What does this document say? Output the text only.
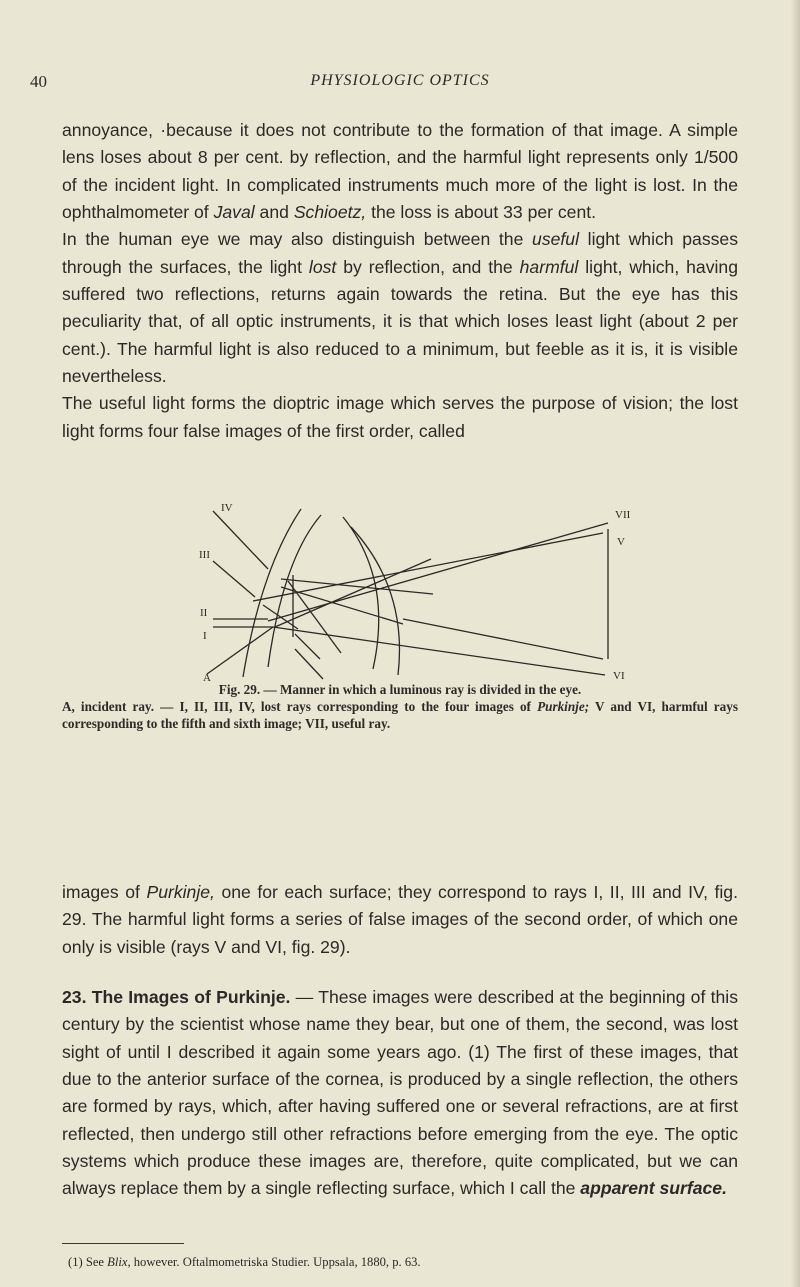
40	PHYSIOLOGIC OPTICS

annoyance, ·because it does not contribute to the formation of that image. A simple lens loses about 8 per cent. by reflection, and the harmful light represents only 1/500 of the incident light. In complicated instruments much more of the light is lost. In the ophthalmometer of Javal and Schioetz, the loss is about 33 per cent.

In the human eye we may also distinguish between the useful light which passes through the surfaces, the light lost by reflection, and the harmful light, which, having suffered two reflections, returns again towards the retina. But the eye has this peculiarity that, of all optic instruments, it is that which loses least light (about 2 per cent.). The harmful light is also reduced to a minimum, but feeble as it is, it is visible nevertheless.

The useful light forms the dioptric image which serves the purpose of vision; the lost light forms four false images of the first order, called

IV
III
II
I
A
VII
V
VI
Fig. 29. — Manner in which a luminous ray is divided in the eye.
A, incident ray. — I, II, III, IV, lost rays corresponding to the four images of Purkinje; V and VI, harmful rays corresponding to the fifth and sixth image; VII, useful ray.

images of Purkinje, one for each surface; they correspond to rays I, II, III and IV, fig. 29. The harmful light forms a series of false images of the second order, of which one only is visible (rays V and VI, fig. 29).

23. The Images of Purkinje. — These images were described at the beginning of this century by the scientist whose name they bear, but one of them, the second, was lost sight of until I described it again some years ago. (1) The first of these images, that due to the anterior surface of the cornea, is produced by a single reflection, the others are formed by rays, which, after having suffered one or several refractions, are at first reflected, then undergo still other refractions before emerging from the eye. The optic systems which produce these images are, therefore, quite complicated, but we can always replace them by a single reflecting surface, which I call the apparent surface.

(1) See Blix, however. Oftalmometriska Studier. Uppsala, 1880, p. 63.
